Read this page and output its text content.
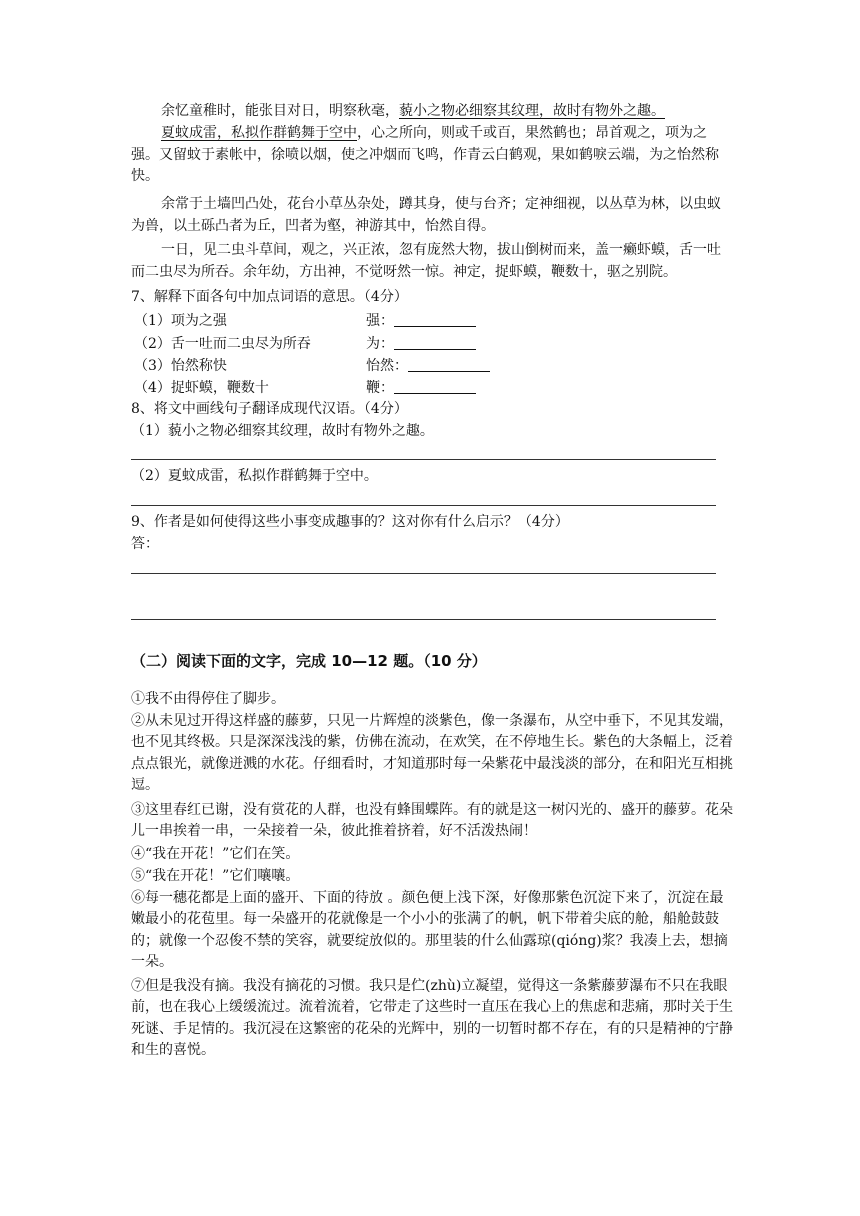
余忆童稚时，能张目对日，明察秋毫，藐小之物必细察其纹理，故时有物外之趣。

夏蚊成雷，私拟作群鹤舞于空中，心之所向，则或千或百，果然鹤也；昂首观之，项为之强。又留蚊于素帐中，徐喷以烟，使之冲烟而飞鸣，作青云白鹤观，果如鹤唳云端，为之怡然称快。

余常于土墙凹凸处，花台小草丛杂处，蹲其身，使与台齐；定神细视，以丛草为林，以虫蚁为兽，以土砾凸者为丘，凹者为壑，神游其中，怡然自得。

一日，见二虫斗草间，观之，兴正浓，忽有庞然大物，拔山倒树而来，盖一癞虾蟆，舌一吐而二虫尽为所吞。余年幼，方出神，不觉呀然一惊。神定，捉虾蟆，鞭数十，驱之别院。

7、解释下面各句中加点词语的意思。（4分）
（1）项为之强	强：
（2）舌一吐而二虫尽为所吞	为：
（3）怡然称快	怡然：
（4）捉虾蟆，鞭数十	鞭：
8、将文中画线句子翻译成现代汉语。（4分）
（1）藐小之物必细察其纹理，故时有物外之趣。
（2）夏蚊成雷，私拟作群鹤舞于空中。
9、作者是如何使得这些小事变成趣事的？这对你有什么启示？（4分）
答：
（二）阅读下面的文字，完成 10—12 题。（10 分）

①我不由得停住了脚步。

②从未见过开得这样盛的藤萝，只见一片辉煌的淡紫色，像一条瀑布，从空中垂下，不见其发端，也不见其终极。只是深深浅浅的紫，仿佛在流动，在欢笑，在不停地生长。紫色的大条幅上，泛着点点银光，就像迸溅的水花。仔细看时，才知道那时每一朵紫花中最浅淡的部分，在和阳光互相挑逗。

③这里春红已谢，没有赏花的人群，也没有蜂围蝶阵。有的就是这一树闪光的、盛开的藤萝。花朵儿一串挨着一串，一朵接着一朵，彼此推着挤着，好不活泼热闹！

④“我在开花！”它们在笑。

⑤“我在开花！”它们嚷嚷。

⑥每一穗花都是上面的盛开、下面的待放 。颜色便上浅下深，好像那紫色沉淀下来了，沉淀在最嫩最小的花苞里。每一朵盛开的花就像是一个小小的张满了的帆，帆下带着尖底的舱，船舱鼓鼓的；就像一个忍俊不禁的笑容，就要绽放似的。那里装的什么仙露琼(qióng)浆？我凑上去，想摘一朵。

⑦但是我没有摘。我没有摘花的习惯。我只是伫(zhù)立凝望，觉得这一条紫藤萝瀑布不只在我眼前，也在我心上缓缓流过。流着流着，它带走了这些时一直压在我心上的焦虑和悲痛，那时关于生死谜、手足情的。我沉浸在这繁密的花朵的光辉中，别的一切暂时都不存在，有的只是精神的宁静和生的喜悦。
